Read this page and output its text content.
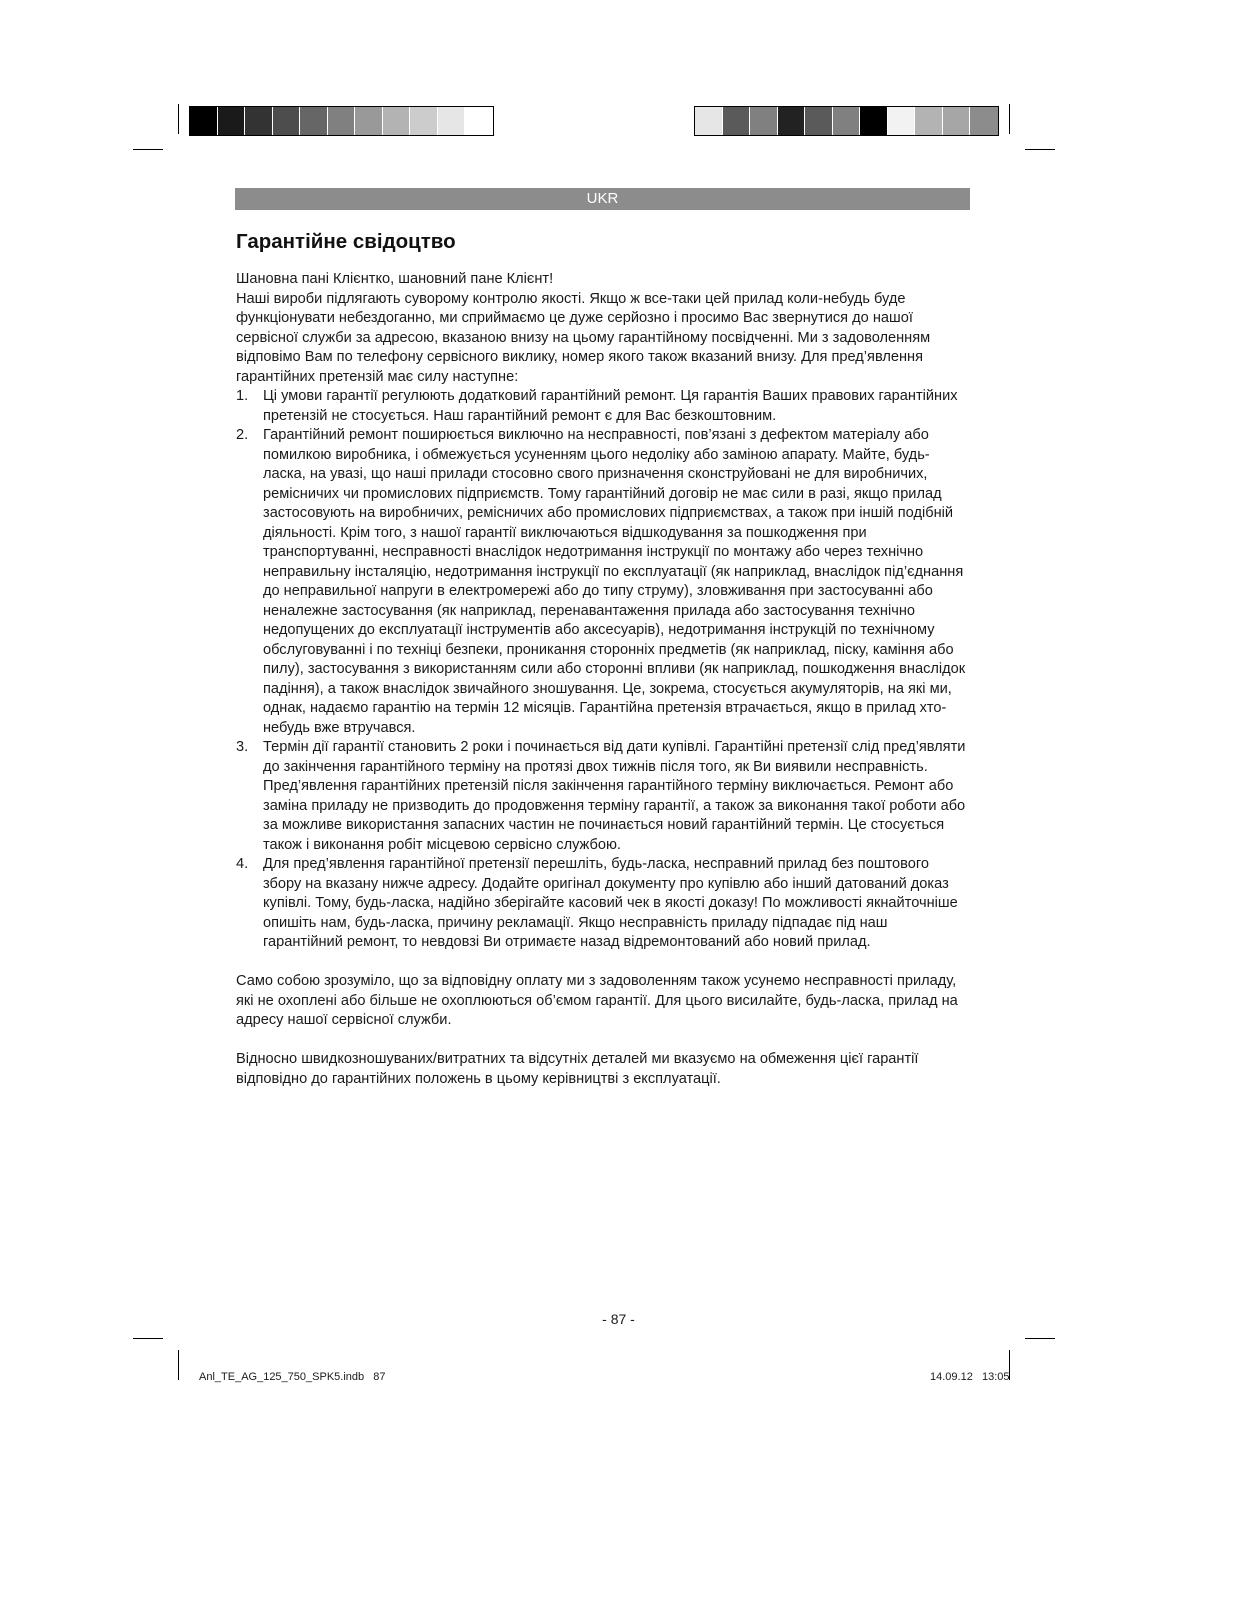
UKR
Гарантійне свідоцтво

Шановна пані Клієнтко, шановний пане Клієнт!

Наші вироби підлягають суворому контролю якості. Якщо ж все-таки цей прилад коли-небудь буде функціонувати небездоганно, ми сприймаємо це дуже серйозно і просимо Вас звернутися до нашої сервісної служби за адресою, вказаною внизу на цьому гарантійному посвідченні. Ми з задоволенням відповімо Вам по телефону сервісного виклику, номер якого також вказаний внизу. Для пред’явлення гарантійних претензій має силу наступне:

1.	Ці умови гарантії регулюють додатковий гарантійний ремонт. Ця гарантія Ваших правових гарантійних претензій не стосується. Наш гарантійний ремонт є для Вас безкоштовним.
2.	Гарантійний ремонт поширюється виключно на несправності, пов’язані з дефектом матеріалу або помилкою виробника, і обмежується усуненням цього недоліку або заміною апарату. Майте, будь-ласка, на увазі, що наші прилади стосовно свого призначення сконструйовані не для виробничих, ремісничих чи промислових підприємств. Тому гарантійний договір не має сили в разі, якщо прилад застосовують на виробничих, ремісничих або промислових підприємствах, а також при іншій подібній діяльності. Крім того, з нашої гарантії виключаються відшкодування за пошкодження при транспортуванні, несправності внаслідок недотримання інструкції по монтажу або через технічно неправильну інсталяцію, недотримання інструкції по експлуатації (як наприклад, внаслідок під’єднання до неправильної напруги в електромережі або до типу струму), зловживання при застосуванні або неналежне застосування (як наприклад, перенавантаження прилада або застосування технічно недопущених до експлуатації інструментів або аксесуарів), недотримання інструкцій по технічному обслуговуванні і по техніці безпеки, проникання сторонніх предметів (як наприклад, піску, каміння або пилу), застосування з використанням сили або сторонні впливи (як наприклад, пошкодження внаслідок падіння), а також внаслідок звичайного зношування. Це, зокрема, стосується акумуляторів, на які ми, однак, надаємо гарантію на термін 12 місяців. Гарантійна претензія втрачається, якщо в прилад хто-небудь вже втручався.
3.	Термін дії гарантії становить 2 роки і починається від дати купівлі. Гарантійні претензії слід пред’являти до закінчення гарантійного терміну на протязі двох тижнів після того, як Ви виявили несправність. Пред’явлення гарантійних претензій після закінчення гарантійного терміну виключається. Ремонт або заміна приладу не призводить до продовження терміну гарантії, а також за виконання такої роботи або за можливе використання запасних частин не починається новий гарантійний термін. Це стосується також і виконання робіт місцевою сервісно службою.
4.	Для пред’явлення гарантійної претензії перешліть, будь-ласка, несправний прилад без поштового збору на вказану нижче адресу. Додайте оригінал документу про купівлю або інший датований доказ купівлі. Тому, будь-ласка, надійно зберігайте касовий чек в якості доказу! По можливості якнайточніше опишіть нам, будь-ласка, причину рекламації. Якщо несправність приладу підпадає під наш гарантійний ремонт, то невдовзі Ви отримаєте назад відремонтований або новий прилад.

Само собою зрозуміло, що за відповідну оплату ми з задоволенням також усунемо несправності приладу, які не охоплені або більше не охоплюються об’ємом гарантії. Для цього висилайте, будь-ласка, прилад на адресу нашої сервісної служби.

Відносно швидкозношуваних/витратних та відсутніх деталей ми вказуємо на обмеження цієї гарантії відповідно до гарантійних положень в цьому керівництві з експлуатації.

- 87 -
Anl_TE_AG_125_750_SPK5.indb   87	14.09.12   13:05
